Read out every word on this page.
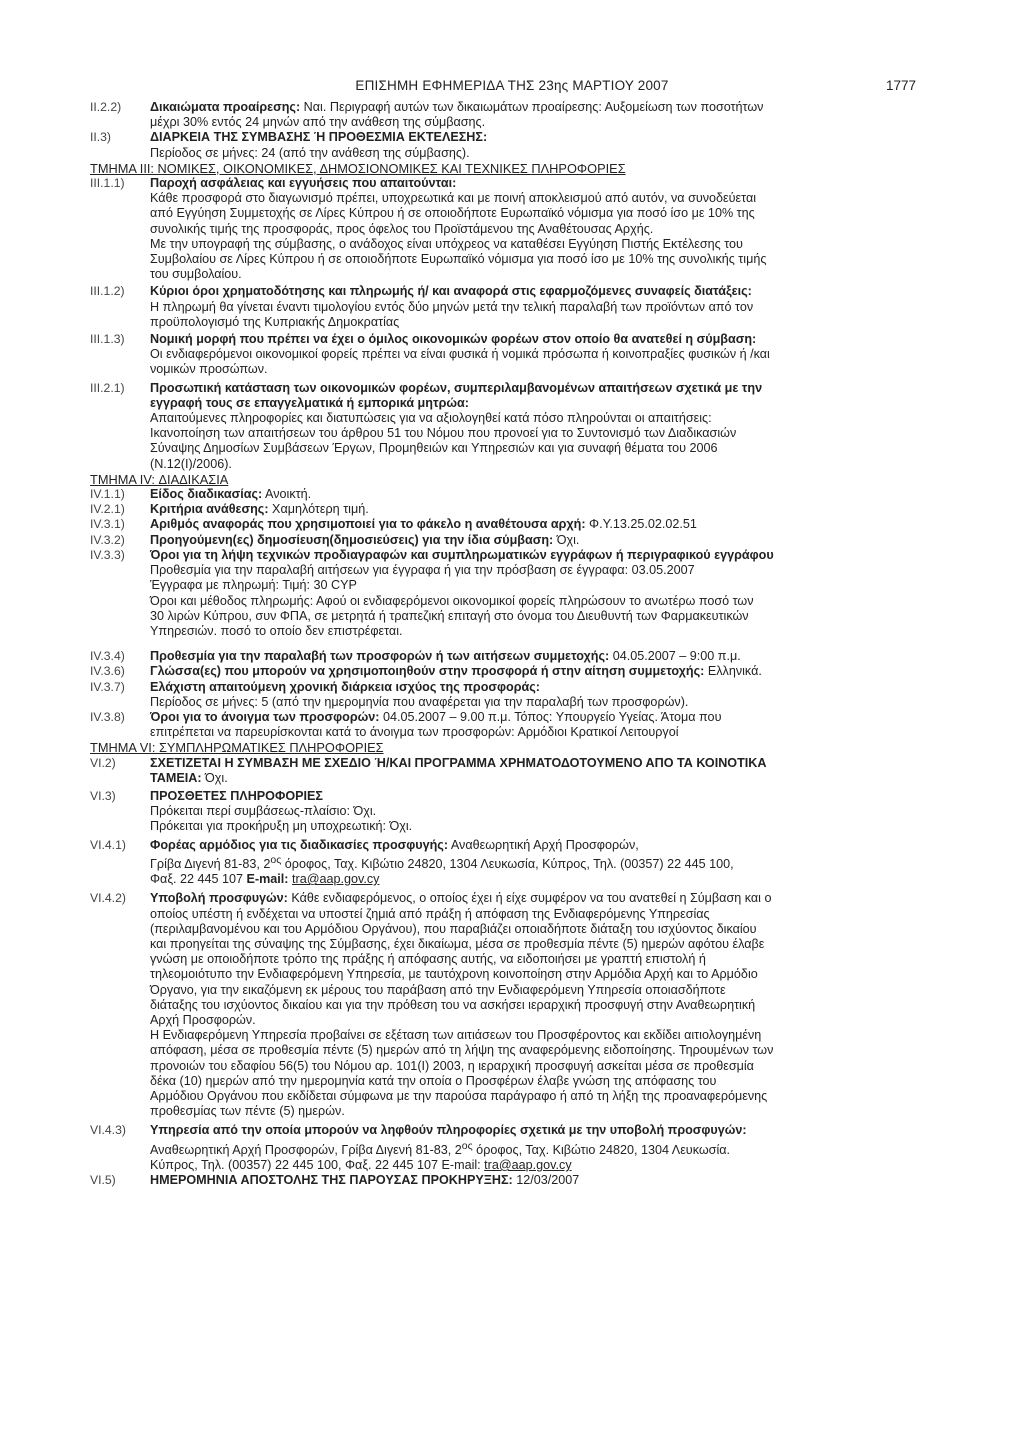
ΕΠΙΣΗΜΗ ΕΦΗΜΕΡΙΔΑ ΤΗΣ 23ης ΜΑΡΤΙΟΥ 2007	1777
II.2.2)	Δικαιώματα προαίρεσης: Ναι. Περιγραφή αυτών των δικαιωμάτων προαίρεσης: Αυξομείωση των ποσοτήτων
μέχρι 30% εντός 24 μηνών από την ανάθεση της σύμβασης.
II.3)	ΔΙΑΡΚΕΙΑ ΤΗΣ ΣΥΜΒΑΣΗΣ Ή ΠΡΟΘΕΣΜΙΑ ΕΚΤΕΛΕΣΗΣ:
Περίοδος σε μήνες: 24 (από την ανάθεση της σύμβασης).
ΤΜΗΜΑ III: ΝΟΜΙΚΕΣ, ΟΙΚΟΝΟΜΙΚΕΣ, ΔΗΜΟΣΙΟΝΟΜΙΚΕΣ ΚΑΙ ΤΕΧΝΙΚΕΣ ΠΛΗΡΟΦΟΡΙΕΣ
III.1.1)	Παροχή ασφάλειας και εγγυήσεις που απαιτούνται:
Κάθε προσφορά στο διαγωνισμό πρέπει, υποχρεωτικά και με ποινή αποκλεισμού από αυτόν, να συνοδεύεται
από Εγγύηση Συμμετοχής σε Λίρες Κύπρου ή σε οποιοδήποτε Ευρωπαϊκό νόμισμα για ποσό ίσο με 10% της
συνολικής τιμής της προσφοράς, προς όφελος του Προϊστάμενου της Αναθέτουσας Αρχής.
Με την υπογραφή της σύμβασης, ο ανάδοχος είναι υπόχρεος να καταθέσει Εγγύηση Πιστής Εκτέλεσης του
Συμβολαίου σε Λίρες Κύπρου ή σε οποιοδήποτε Ευρωπαϊκό νόμισμα για ποσό ίσο με 10% της συνολικής τιμής
του συμβολαίου.
III.1.2)	Κύριοι όροι χρηματοδότησης και πληρωμής ή/ και αναφορά στις εφαρμοζόμενες συναφείς διατάξεις:
Η πληρωμή θα γίνεται έναντι τιμολογίου εντός δύο μηνών μετά την τελική παραλαβή των προϊόντων από τον
προϋπολογισμό της Κυπριακής Δημοκρατίας
III.1.3)	Νομική μορφή που πρέπει να έχει ο όμιλος οικονομικών φορέων στον οποίο θα ανατεθεί η σύμβαση:
Οι ενδιαφερόμενοι οικονομικοί φορείς πρέπει να είναι φυσικά ή νομικά πρόσωπα ή κοινοπραξίες φυσικών ή /και
νομικών προσώπων.
III.2.1)	Προσωπική κατάσταση των οικονομικών φορέων, συμπεριλαμβανομένων απαιτήσεων σχετικά με την
εγγραφή τους σε επαγγελματικά ή εμπορικά μητρώα:
Απαιτούμενες πληροφορίες και διατυπώσεις για να αξιολογηθεί κατά πόσο πληρούνται οι απαιτήσεις:
Ικανοποίηση των απαιτήσεων του άρθρου 51 του Νόμου που προνοεί για το Συντονισμό των Διαδικασιών
Σύναψης Δημοσίων Συμβάσεων Έργων, Προμηθειών και Υπηρεσιών και για συναφή θέματα του 2006
(Ν.12(Ι)/2006).
ΤΜΗΜΑ IV: ΔΙΑΔΙΚΑΣΙΑ
IV.1.1)	Είδος διαδικασίας: Ανοικτή.
IV.2.1)	Κριτήρια ανάθεσης: Χαμηλότερη τιμή.
IV.3.1)	Αριθμός αναφοράς που χρησιμοποιεί για το φάκελο η αναθέτουσα αρχή: Φ.Υ.13.25.02.02.51
IV.3.2)	Προηγούμενη(ες) δημοσίευση(δημοσιεύσεις) για την ίδια σύμβαση: Όχι.
IV.3.3)	Όροι για τη λήψη τεχνικών προδιαγραφών και συμπληρωματικών εγγράφων ή περιγραφικού εγγράφου
Προθεσμία για την παραλαβή αιτήσεων για έγγραφα ή για την πρόσβαση σε έγγραφα: 03.05.2007
Έγγραφα με πληρωμή: Τιμή: 30 CYP
Όροι και μέθοδος πληρωμής: Αφού οι ενδιαφερόμενοι οικονομικοί φορείς πληρώσουν το ανωτέρω ποσό των
30 λιρών Κύπρου, συν ΦΠΑ, σε μετρητά ή τραπεζική επιταγή στο όνομα του Διευθυντή των Φαρμακευτικών
Υπηρεσιών. ποσό το οποίο δεν επιστρέφεται.
IV.3.4)	Προθεσμία για την παραλαβή των προσφορών ή των αιτήσεων συμμετοχής: 04.05.2007 – 9:00 π.μ.
IV.3.6)	Γλώσσα(ες) που μπορούν να χρησιμοποιηθούν στην προσφορά ή στην αίτηση συμμετοχής: Ελληνικά.
IV.3.7)	Ελάχιστη απαιτούμενη χρονική διάρκεια ισχύος της προσφοράς:
Περίοδος σε μήνες: 5 (από την ημερομηνία που αναφέρεται για την παραλαβή των προσφορών).
IV.3.8)	Όροι για το άνοιγμα των προσφορών: 04.05.2007 – 9.00 π.μ. Τόπος: Υπουργείο Υγείας. Άτομα που
επιτρέπεται να παρευρίσκονται κατά το άνοιγμα των προσφορών: Αρμόδιοι Κρατικοί Λειτουργοί
ΤΜΗΜΑ VI: ΣΥΜΠΛΗΡΩΜΑΤΙΚΕΣ ΠΛΗΡΟΦΟΡΙΕΣ
VI.2)	ΣΧΕΤΙΖΕΤΑΙ Η ΣΥΜΒΑΣΗ ΜΕ ΣΧΕΔΙΟ Ή/ΚΑΙ ΠΡΟΓΡΑΜΜΑ ΧΡΗΜΑΤΟΔΟΤΟΥΜΕΝΟ ΑΠΟ ΤΑ ΚΟΙΝΟΤΙΚΑ
ΤΑΜΕΙΑ: Όχι.
VI.3)	ΠΡΟΣΘΕΤΕΣ ΠΛΗΡΟΦΟΡΙΕΣ
Πρόκειται περί συμβάσεως-πλαίσιο: Όχι.
Πρόκειται για προκήρυξη μη υποχρεωτική: Όχι.
VI.4.1)	Φορέας αρμόδιος για τις διαδικασίες προσφυγής: Αναθεωρητική Αρχή Προσφορών,
Γρίβα Διγενή 81-83, $2^{o\varsigma}$ όροφος, Ταχ. Κιβώτιο 24820, 1304 Λευκωσία, Κύπρος, Τηλ. (00357) 22 445 100,
Φαξ. 22 445 107 E-mail: tra@aap.gov.cy
VI.4.2)	Υποβολή προσφυγών: Κάθε ενδιαφερόμενος, ο οποίος έχει ή είχε συμφέρον να του ανατεθεί η Σύμβαση και ο
οποίος υπέστη ή ενδέχεται να υποστεί ζημιά από πράξη ή απόφαση της Ενδιαφερόμενης Υπηρεσίας
(περιλαμβανομένου και του Αρμόδιου Οργάνου), που παραβιάζει οποιαδήποτε διάταξη του ισχύοντος δικαίου
και προηγείται της σύναψης της Σύμβασης, έχει δικαίωμα, μέσα σε προθεσμία πέντε (5) ημερών αφότου έλαβε
γνώση με οποιοδήποτε τρόπο της πράξης ή απόφασης αυτής, να ειδοποιήσει με γραπτή επιστολή ή
τηλεομοιότυπο την Ενδιαφερόμενη Υπηρεσία, με ταυτόχρονη κοινοποίηση στην Αρμόδια Αρχή και το Αρμόδιο
Όργανο, για την εικαζόμενη εκ μέρους του παράβαση από την Ενδιαφερόμενη Υπηρεσία οποιασδήποτε
διάταξης του ισχύοντος δικαίου και για την πρόθεση του να ασκήσει ιεραρχική προσφυγή στην Αναθεωρητική
Αρχή Προσφορών.
Η Ενδιαφερόμενη Υπηρεσία προβαίνει σε εξέταση των αιτιάσεων του Προσφέροντος και εκδίδει αιτιολογημένη
απόφαση, μέσα σε προθεσμία πέντε (5) ημερών από τη λήψη της αναφερόμενης ειδοποίησης. Τηρουμένων των
προνοιών του εδαφίου 56(5) του Νόμου αρ. 101(Ι) 2003, η ιεραρχική προσφυγή ασκείται μέσα σε προθεσμία
δέκα (10) ημερών από την ημερομηνία κατά την οποία ο Προσφέρων έλαβε γνώση της απόφασης του
Αρμόδιου Οργάνου που εκδίδεται σύμφωνα με την παρούσα παράγραφο ή από τη λήξη της προαναφερόμενης
προθεσμίας των πέντε (5) ημερών.
VI.4.3)	Υπηρεσία από την οποία μπορούν να ληφθούν πληροφορίες σχετικά με την υποβολή προσφυγών:
Αναθεωρητική Αρχή Προσφορών, Γρίβα Διγενή 81-83, $2^{o\varsigma}$ όροφος, Ταχ. Κιβώτιο 24820, 1304 Λευκωσία.
Κύπρος, Τηλ. (00357) 22 445 100, Φαξ. 22 445 107 E-mail: tra@aap.gov.cy
VI.5)	ΗΜΕΡΟΜΗΝΙΑ ΑΠΟΣΤΟΛΗΣ ΤΗΣ ΠΑΡΟΥΣΑΣ ΠΡΟΚΗΡΥΞΗΣ: 12/03/2007
